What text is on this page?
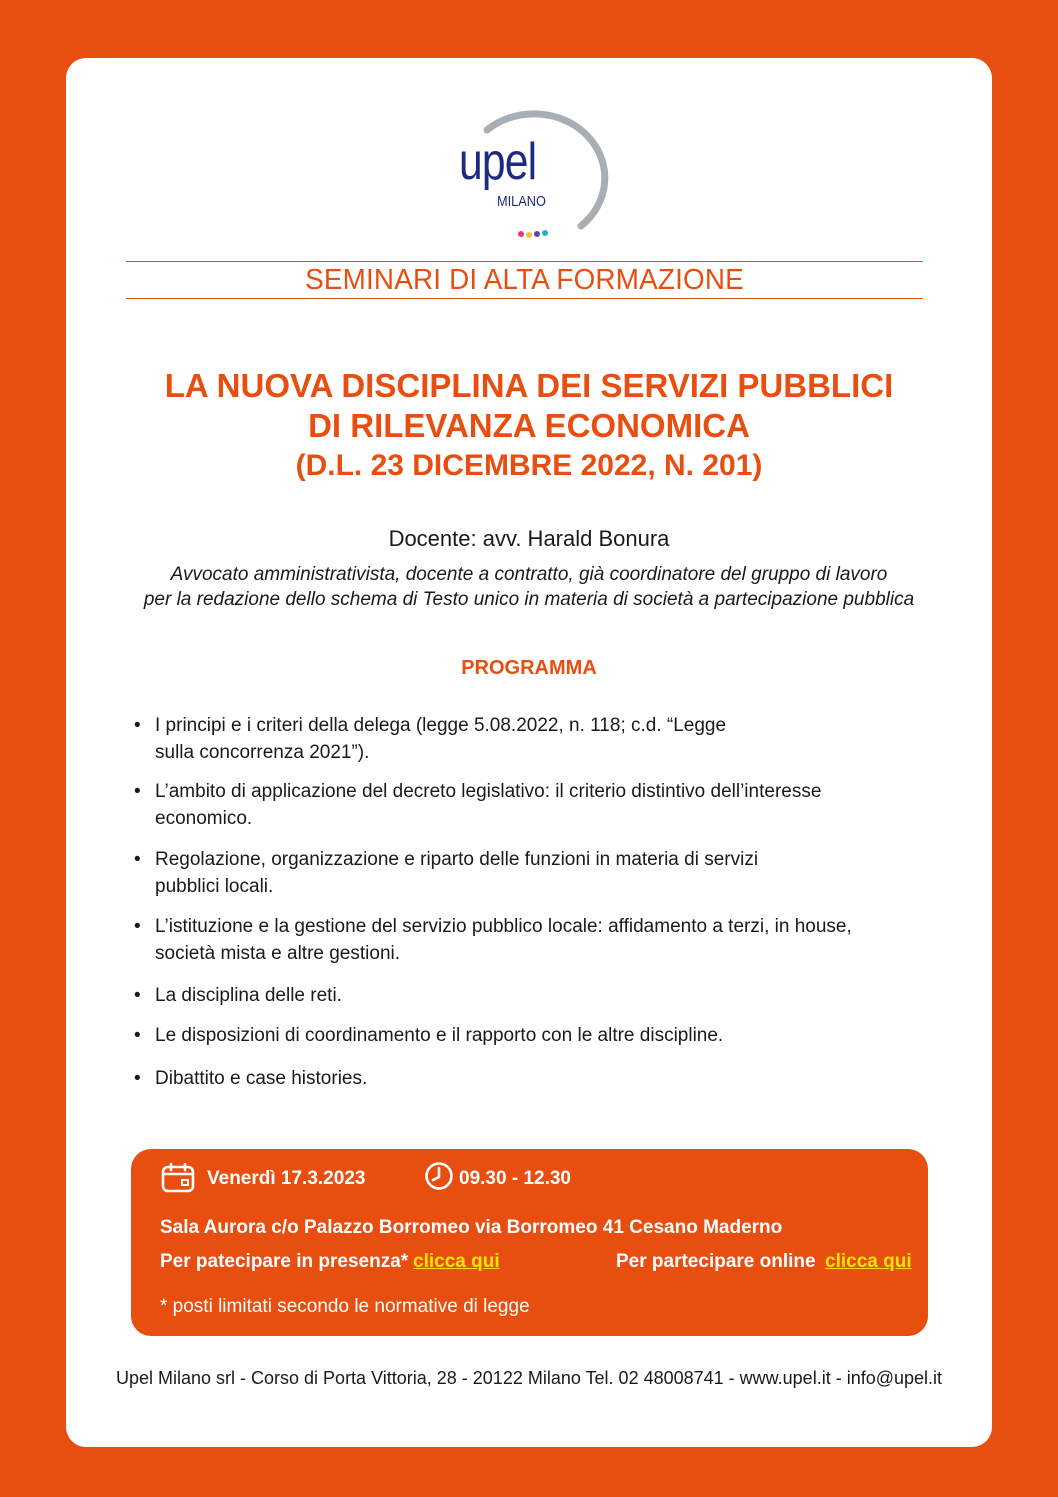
upel
MILANO
SEMINARI DI ALTA FORMAZIONE
LA NUOVA DISCIPLINA DEI SERVIZI PUBBLICI
DI RILEVANZA ECONOMICA
(D.L. 23 DICEMBRE 2022, N. 201)
Docente: avv. Harald Bonura
Avvocato amministrativista, docente a contratto, già coordinatore del gruppo di lavoro
per la redazione dello schema di Testo unico in materia di società a partecipazione pubblica
PROGRAMMA
• I principi e i criteri della delega (legge 5.08.2022, n. 118; c.d. “Legge
sulla concorrenza 2021”).
• L’ambito di applicazione del decreto legislativo: il criterio distintivo dell’interesse
economico.
• Regolazione, organizzazione e riparto delle funzioni in materia di servizi
pubblici locali.
• L’istituzione e la gestione del servizio pubblico locale: affidamento a terzi, in house,
società mista e altre gestioni.
• La disciplina delle reti.
• Le disposizioni di coordinamento e il rapporto con le altre discipline.
• Dibattito e case histories.
Venerdì 17.3.2023	09.30 - 12.30
Sala Aurora c/o Palazzo Borromeo via Borromeo 41 Cesano Maderno
Per patecipare in presenza* clicca qui	Per partecipare online clicca qui
* posti limitati secondo le normative di legge
Upel Milano srl - Corso di Porta Vittoria, 28 - 20122 Milano Tel. 02 48008741 - www.upel.it - info@upel.it
